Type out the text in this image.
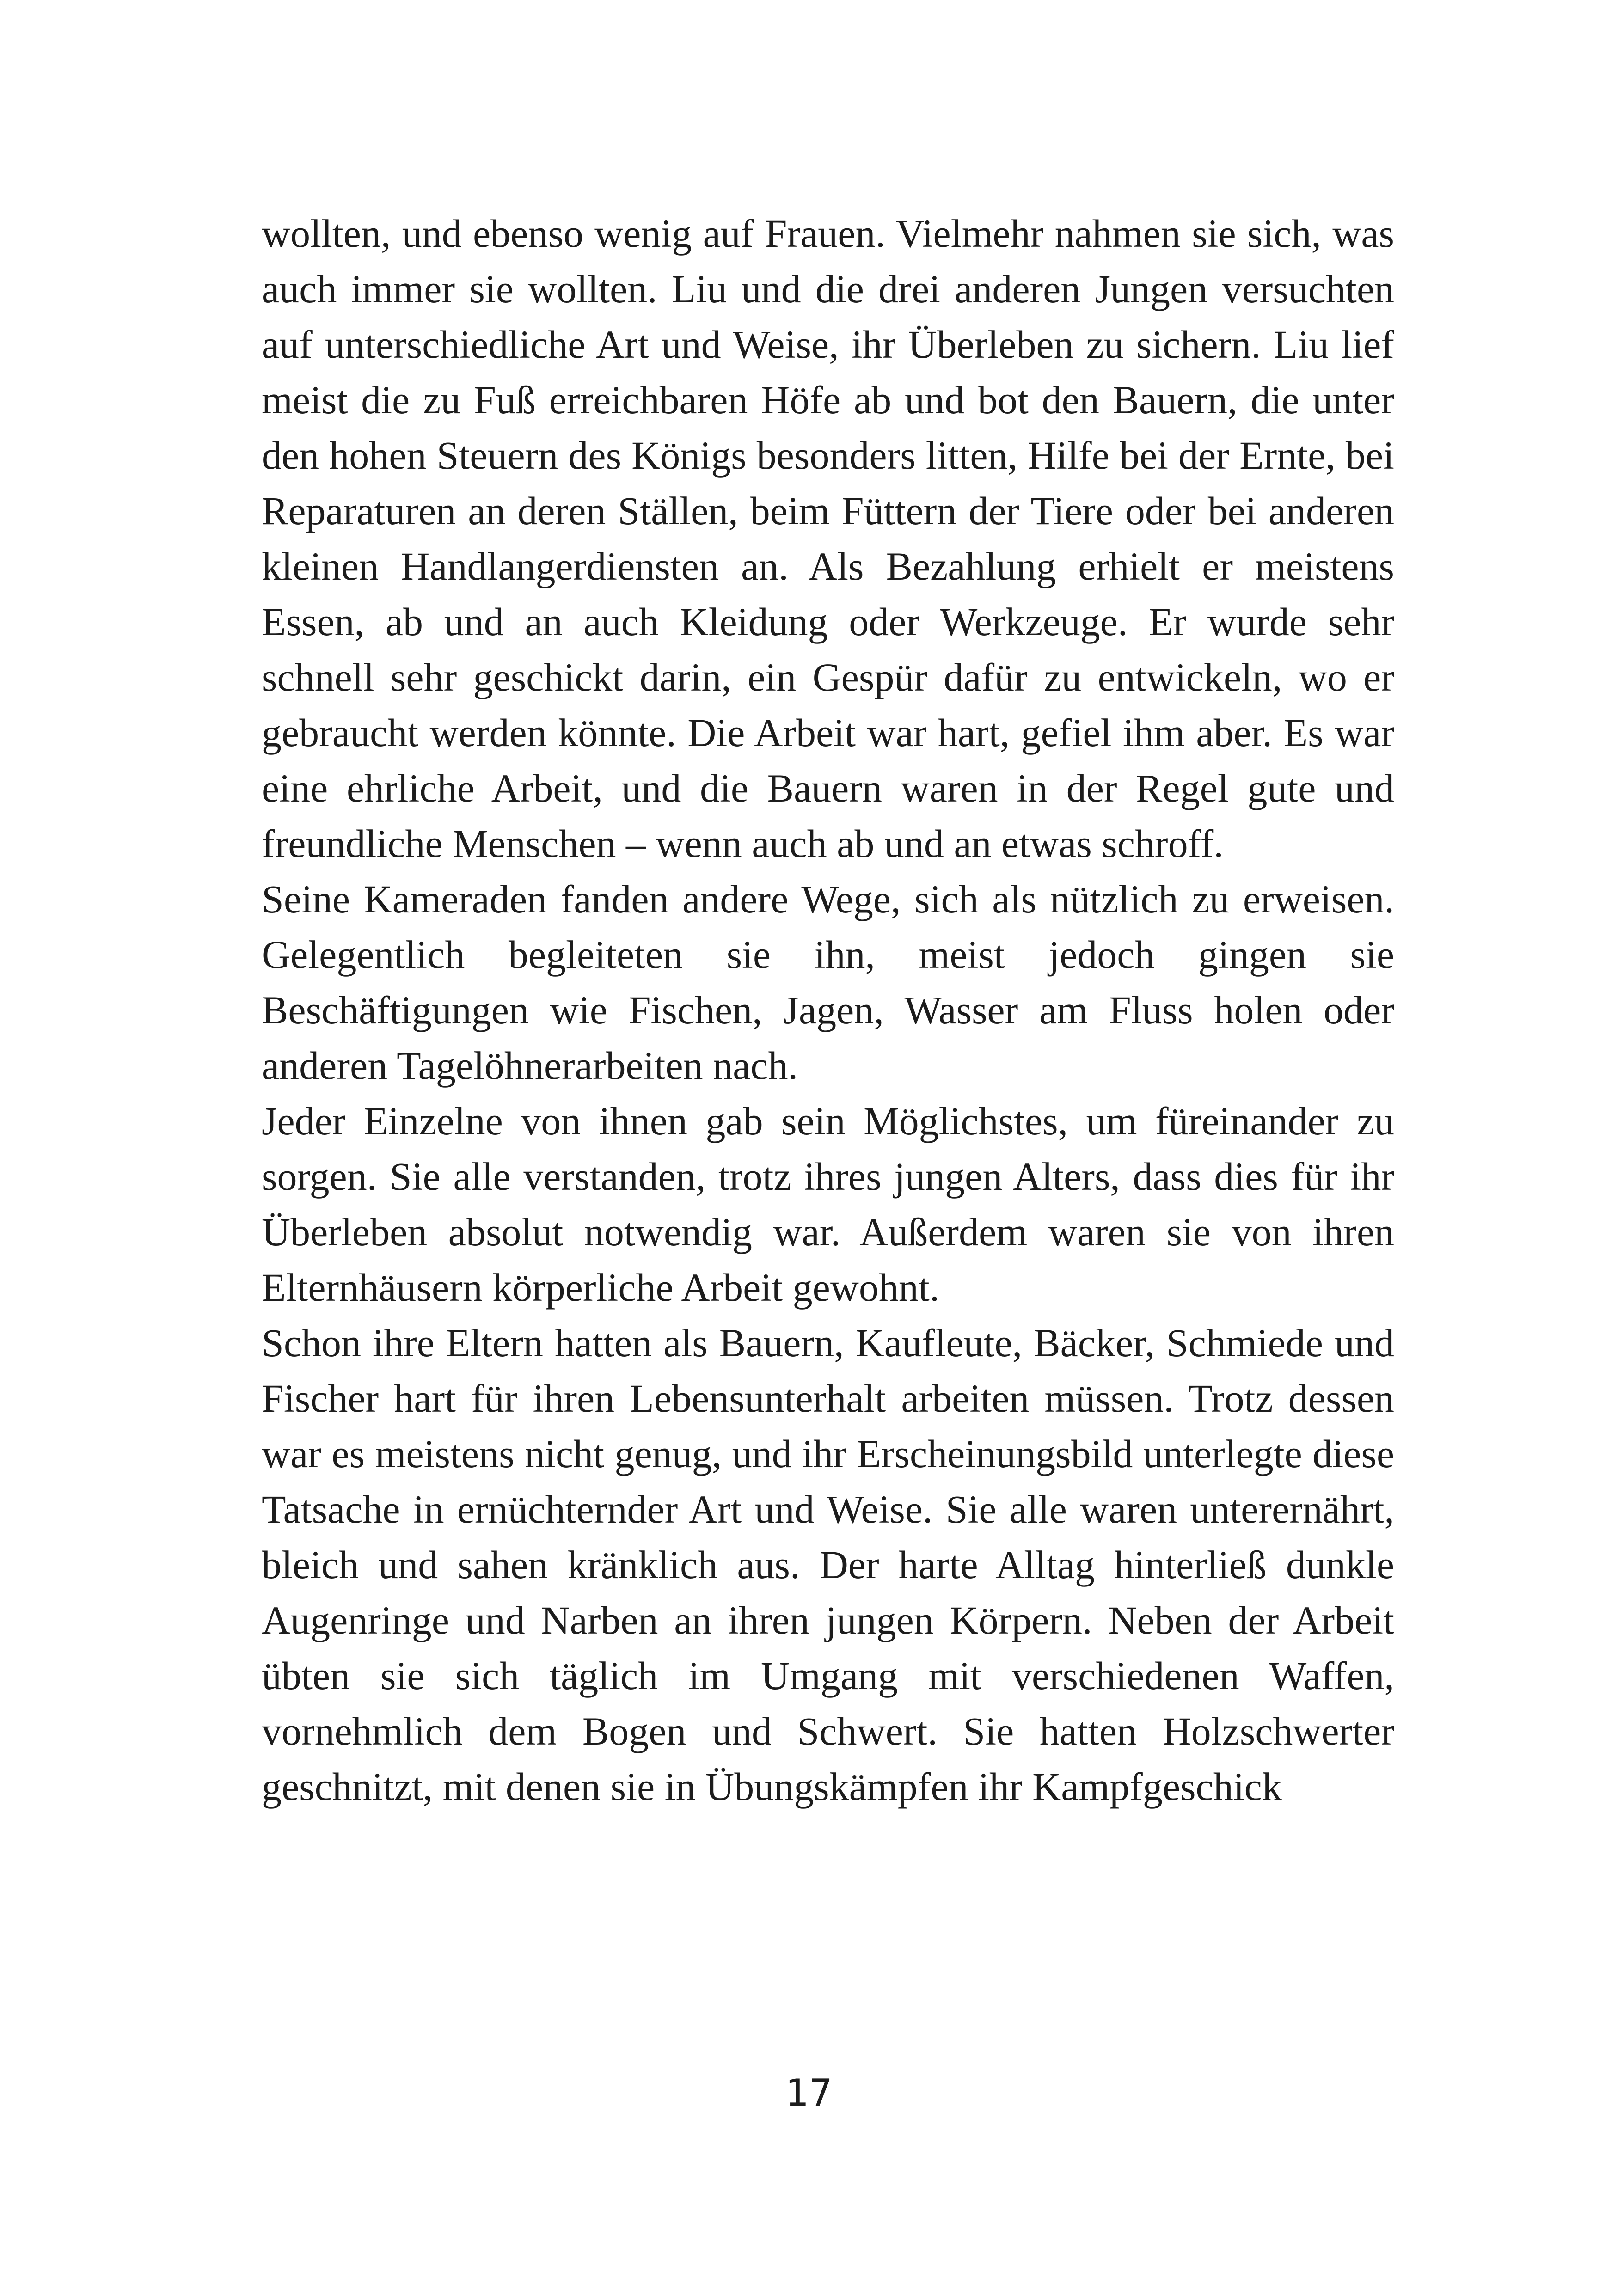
wollten, und ebenso wenig auf Frauen. Vielmehr nahmen sie sich, was auch immer sie wollten. Liu und die drei anderen Jungen versuchten auf unterschiedliche Art und Weise, ihr Überleben zu sichern. Liu lief meist die zu Fuß erreichbaren Höfe ab und bot den Bauern, die unter den hohen Steuern des Königs besonders litten, Hilfe bei der Ernte, bei Reparaturen an deren Ställen, beim Füttern der Tiere oder bei anderen kleinen Handlangerdiensten an. Als Bezahlung erhielt er meistens Essen, ab und an auch Kleidung oder Werkzeuge. Er wurde sehr schnell sehr geschickt darin, ein Gespür dafür zu entwickeln, wo er gebraucht werden könnte. Die Arbeit war hart, gefiel ihm aber. Es war eine ehrliche Arbeit, und die Bauern waren in der Regel gute und freundliche Menschen – wenn auch ab und an etwas schroff.

Seine Kameraden fanden andere Wege, sich als nützlich zu erweisen. Gelegentlich begleiteten sie ihn, meist jedoch gingen sie Beschäftigungen wie Fischen, Jagen, Wasser am Fluss holen oder anderen Tagelöhnerarbeiten nach.

Jeder Einzelne von ihnen gab sein Möglichstes, um füreinander zu sorgen. Sie alle verstanden, trotz ihres jungen Alters, dass dies für ihr Überleben absolut notwendig war. Außerdem waren sie von ihren Elternhäusern körperliche Arbeit gewohnt.

Schon ihre Eltern hatten als Bauern, Kaufleute, Bäcker, Schmiede und Fischer hart für ihren Lebensunterhalt arbeiten müssen. Trotz dessen war es meistens nicht genug, und ihr Erscheinungsbild unterlegte diese Tatsache in ernüchternder Art und Weise. Sie alle waren unterernährt, bleich und sahen kränklich aus. Der harte Alltag hinterließ dunkle Augenringe und Narben an ihren jungen Körpern. Neben der Arbeit übten sie sich täglich im Umgang mit verschiedenen Waffen, vornehmlich dem Bogen und Schwert. Sie hatten Holzschwerter geschnitzt, mit denen sie in Übungskämpfen ihr Kampfgeschick

17
